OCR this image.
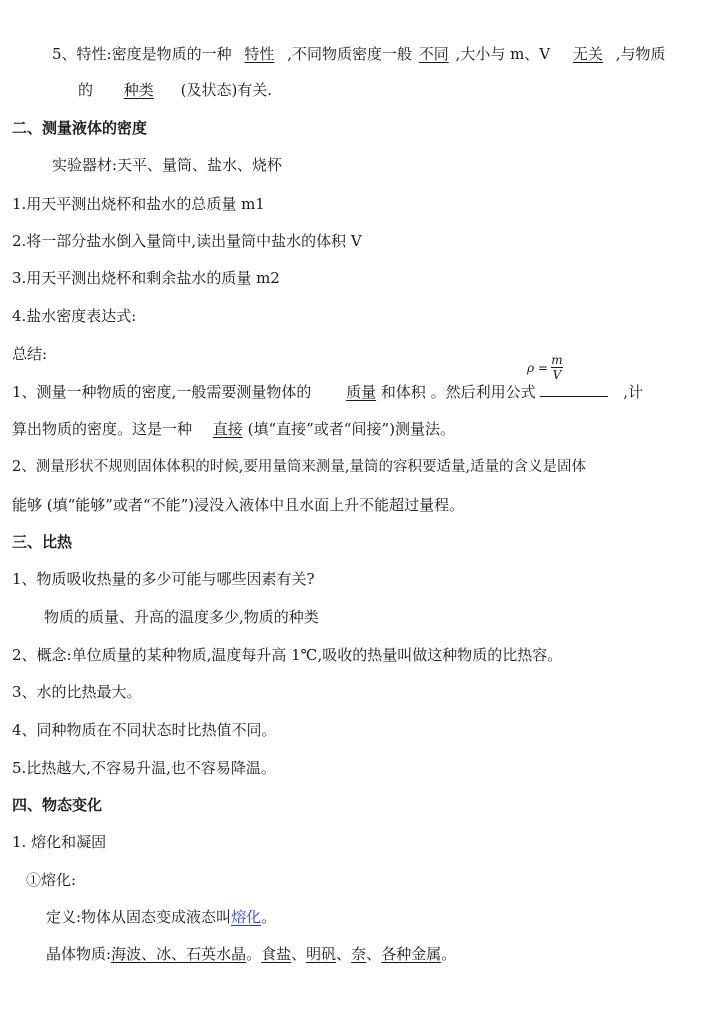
5、特性:密度是物质的一种 特性 ,不同物质密度一般 不同 ,大小与 m、V 无关 ,与物质
的 种类 (及状态)有关.
二、测量液体的密度
实验器材:天平、量筒、盐水、烧杯
1.用天平测出烧杯和盐水的总质量 m1
2.将一部分盐水倒入量筒中,读出量筒中盐水的体积 V
3.用天平测出烧杯和剩余盐水的质量 m2
4.盐水密度表达式:
总结:
$\rho = \frac{m}{V}$
1、测量一种物质的密度,一般需要测量物体的 质量 和体积 。然后利用公式	,计
算出物质的密度。这是一种 直接 (填“直接”或者“间接”)测量法。
2、测量形状不规则固体体积的时候,要用量筒来测量,量筒的容积要适量,适量的含义是固体
能够 (填“能够”或者“不能”)浸没入液体中且水面上升不能超过量程。
三、比热
1、物质吸收热量的多少可能与哪些因素有关?
物质的质量、升高的温度多少,物质的种类
2、概念:单位质量的某种物质,温度每升高 1℃,吸收的热量叫做这种物质的比热容。
3、水的比热最大。
4、同种物质在不同状态时比热值不同。
5.比热越大,不容易升温,也不容易降温。
四、物态变化
1. 熔化和凝固
①熔化:
定义:物体从固态变成液态叫熔化。
晶体物质:海波、冰、石英水晶。食盐、明矾、奈、各种金属。
